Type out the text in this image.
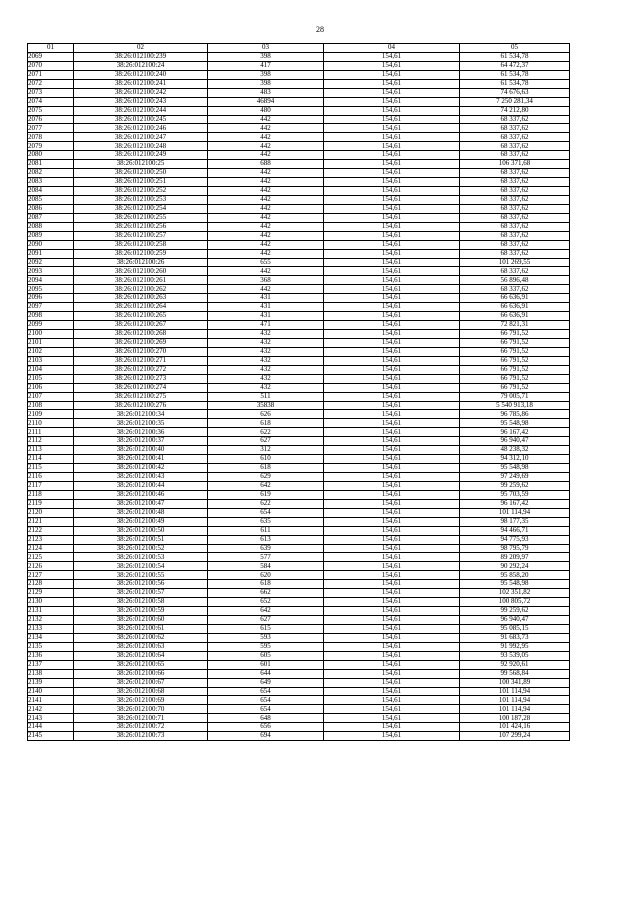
28
01	02	03	04	05
2069	38:26:012100:239	398	154,61	61 534,78
2070	38:26:012100:24	417	154,61	64 472,37
2071	38:26:012100:240	398	154,61	61 534,78
2072	38:26:012100:241	398	154,61	61 534,78
2073	38:26:012100:242	483	154,61	74 676,63
2074	38:26:012100:243	46894	154,61	7 250 281,34
2075	38:26:012100:244	480	154,61	74 212,80
2076	38:26:012100:245	442	154,61	68 337,62
2077	38:26:012100:246	442	154,61	68 337,62
2078	38:26:012100:247	442	154,61	68 337,62
2079	38:26:012100:248	442	154,61	68 337,62
2080	38:26:012100:249	442	154,61	68 337,62
2081	38:26:012100:25	688	154,61	106 371,68
2082	38:26:012100:250	442	154,61	68 337,62
2083	38:26:012100:251	442	154,61	68 337,62
2084	38:26:012100:252	442	154,61	68 337,62
2085	38:26:012100:253	442	154,61	68 337,62
2086	38:26:012100:254	442	154,61	68 337,62
2087	38:26:012100:255	442	154,61	68 337,62
2088	38:26:012100:256	442	154,61	68 337,62
2089	38:26:012100:257	442	154,61	68 337,62
2090	38:26:012100:258	442	154,61	68 337,62
2091	38:26:012100:259	442	154,61	68 337,62
2092	38:26:012100:26	655	154,61	101 269,55
2093	38:26:012100:260	442	154,61	68 337,62
2094	38:26:012100:261	368	154,61	56 896,48
2095	38:26:012100:262	442	154,61	68 337,62
2096	38:26:012100:263	431	154,61	66 636,91
2097	38:26:012100:264	431	154,61	66 636,91
2098	38:26:012100:265	431	154,61	66 636,91
2099	38:26:012100:267	471	154,61	72 821,31
2100	38:26:012100:268	432	154,61	66 791,52
2101	38:26:012100:269	432	154,61	66 791,52
2102	38:26:012100:270	432	154,61	66 791,52
2103	38:26:012100:271	432	154,61	66 791,52
2104	38:26:012100:272	432	154,61	66 791,52
2105	38:26:012100:273	432	154,61	66 791,52
2106	38:26:012100:274	432	154,61	66 791,52
2107	38:26:012100:275	511	154,61	79 005,71
2108	38:26:012100:276	35838	154,61	5 540 913,18
2109	38:26:012100:34	626	154,61	96 785,86
2110	38:26:012100:35	618	154,61	95 548,98
2111	38:26:012100:36	622	154,61	96 167,42
2112	38:26:012100:37	627	154,61	96 940,47
2113	38:26:012100:40	312	154,61	48 238,32
2114	38:26:012100:41	610	154,61	94 312,10
2115	38:26:012100:42	618	154,61	95 548,98
2116	38:26:012100:43	629	154,61	97 249,69
2117	38:26:012100:44	642	154,61	99 259,62
2118	38:26:012100:46	619	154,61	95 703,59
2119	38:26:012100:47	622	154,61	96 167,42
2120	38:26:012100:48	654	154,61	101 114,94
2121	38:26:012100:49	635	154,61	98 177,35
2122	38:26:012100:50	611	154,61	94 466,71
2123	38:26:012100:51	613	154,61	94 775,93
2124	38:26:012100:52	639	154,61	98 795,79
2125	38:26:012100:53	577	154,61	89 209,97
2126	38:26:012100:54	584	154,61	90 292,24
2127	38:26:012100:55	620	154,61	95 858,20
2128	38:26:012100:56	618	154,61	95 548,98
2129	38:26:012100:57	662	154,61	102 351,82
2130	38:26:012100:58	652	154,61	100 805,72
2131	38:26:012100:59	642	154,61	99 259,62
2132	38:26:012100:60	627	154,61	96 940,47
2133	38:26:012100:61	615	154,61	95 085,15
2134	38:26:012100:62	593	154,61	91 683,73
2135	38:26:012100:63	595	154,61	91 992,95
2136	38:26:012100:64	605	154,61	93 539,05
2137	38:26:012100:65	601	154,61	92 920,61
2138	38:26:012100:66	644	154,61	99 568,84
2139	38:26:012100:67	649	154,61	100 341,89
2140	38:26:012100:68	654	154,61	101 114,94
2141	38:26:012100:69	654	154,61	101 114,94
2142	38:26:012100:70	654	154,61	101 114,94
2143	38:26:012100:71	648	154,61	100 187,28
2144	38:26:012100:72	656	154,61	101 424,16
2145	38:26:012100:73	694	154,61	107 299,24
